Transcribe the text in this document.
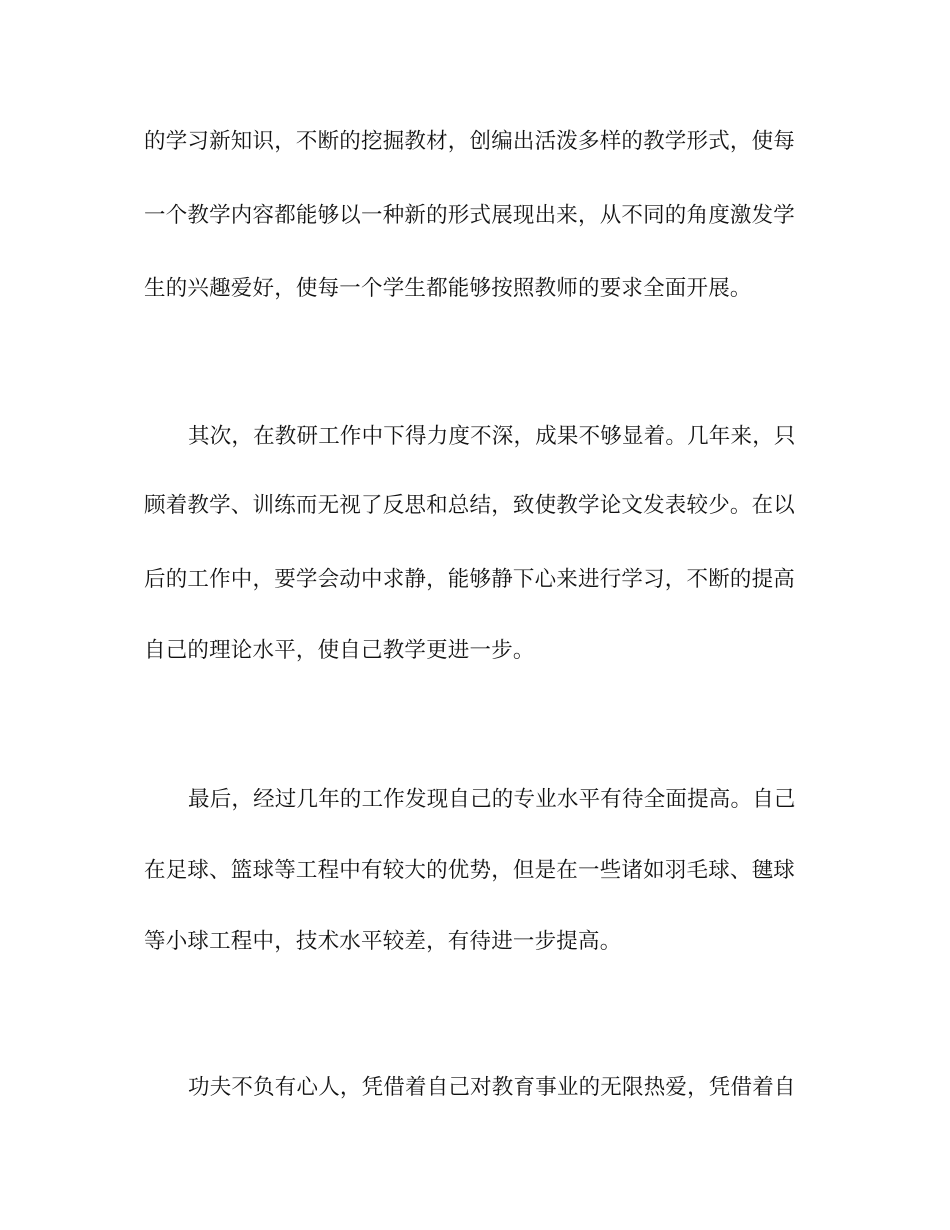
的学习新知识，不断的挖掘教材，创编出活泼多样的教学形式，使每
一个教学内容都能够以一种新的形式展现出来，从不同的角度激发学
生的兴趣爱好，使每一个学生都能够按照教师的要求全面开展。
其次，在教研工作中下得力度不深，成果不够显着。几年来，只
顾着教学、训练而无视了反思和总结，致使教学论文发表较少。在以
后的工作中，要学会动中求静，能够静下心来进行学习，不断的提高
自己的理论水平，使自己教学更进一步。
最后，经过几年的工作发现自己的专业水平有待全面提高。自己
在足球、篮球等工程中有较大的优势，但是在一些诸如羽毛球、毽球
等小球工程中，技术水平较差，有待进一步提高。
功夫不负有心人，凭借着自己对教育事业的无限热爱，凭借着自
